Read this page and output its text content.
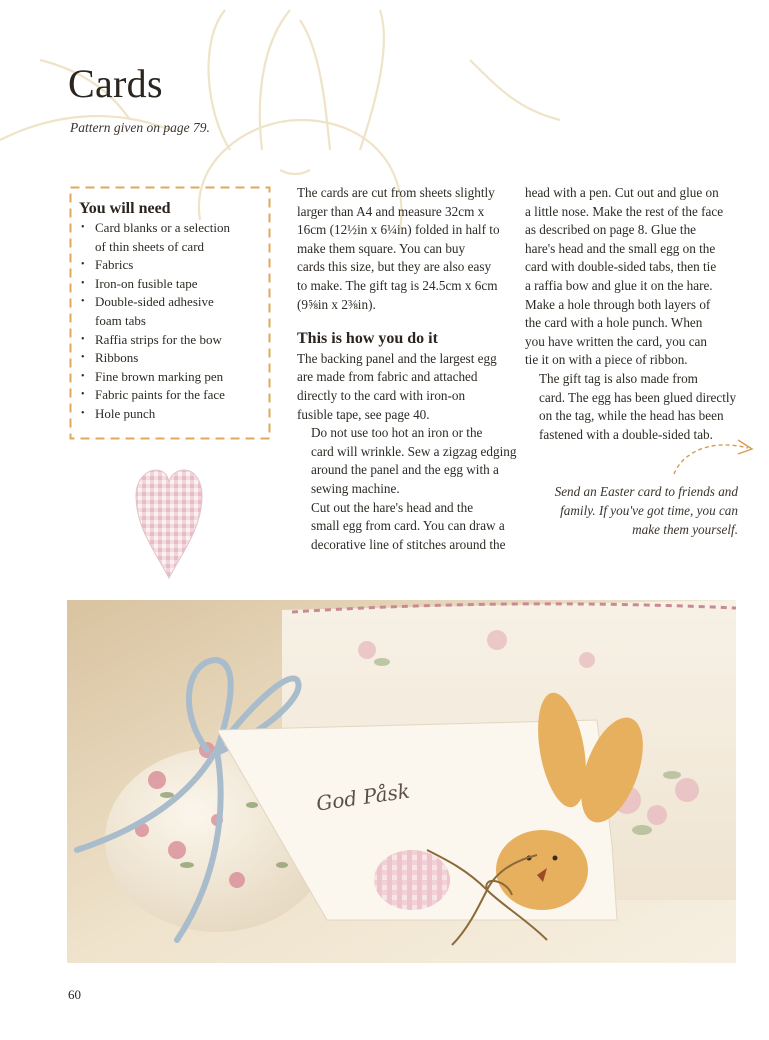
Cards

Pattern given on page 79.

You will need
• Card blanks or a selection
of thin sheets of card
• Fabrics
• Iron-on fusible tape
• Double-sided adhesive
foam tabs
• Raffia strips for the bow
• Ribbons
• Fine brown marking pen
• Fabric paints for the face
• Hole punch

The cards are cut from sheets slightly
larger than A4 and measure 32cm x
16cm (12½in x 6¼in) folded in half to
make them square. You can buy
cards this size, but they are also easy
to make. The gift tag is 24.5cm x 6cm
(9⅝in x 2⅜in).

This is how you do it

The backing panel and the largest egg
are made from fabric and attached
directly to the card with iron-on
fusible tape, see page 40.

Do not use too hot an iron or the
card will wrinkle. Sew a zigzag edging
around the panel and the egg with a
sewing machine.

Cut out the hare's head and the
small egg from card. You can draw a
decorative line of stitches around the

head with a pen. Cut out and glue on
a little nose. Make the rest of the face
as described on page 8. Glue the
hare's head and the small egg on the
card with double-sided tabs, then tie
a raffia bow and glue it on the hare.
Make a hole through both layers of
the card with a hole punch. When
you have written the card, you can
tie it on with a piece of ribbon.

The gift tag is also made from
card. The egg has been glued directly
on the tag, while the head has been
fastened with a double-sided tab.

Send an Easter card to friends and
family. If you've got time, you can
make them yourself.

God Påsk
60
